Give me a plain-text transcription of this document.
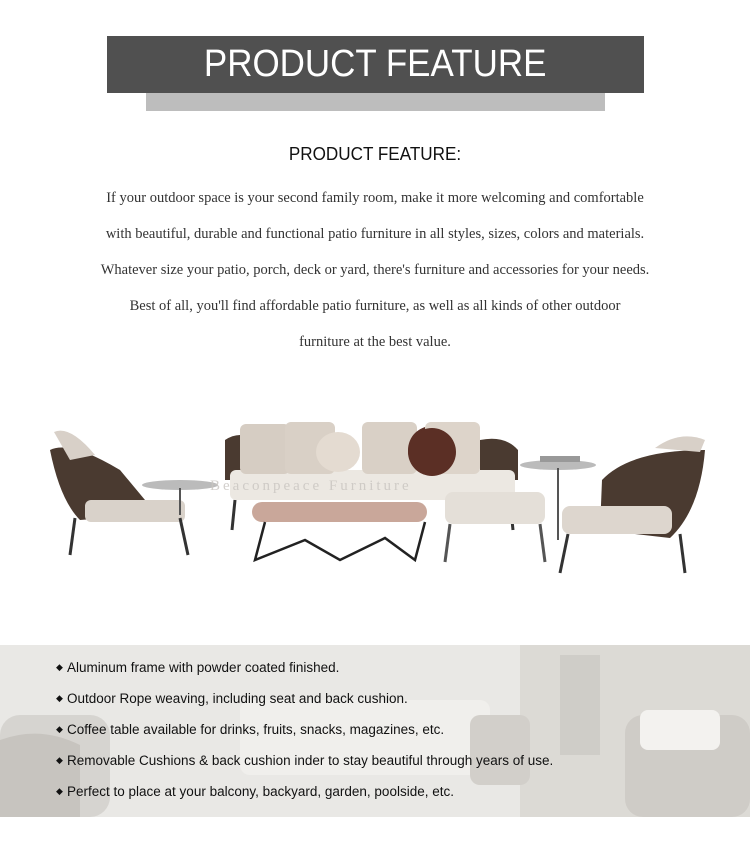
PRODUCT FEATURE
PRODUCT FEATURE:
If your outdoor space is your second family room, make it more welcoming and comfortable
with beautiful, durable and functional patio furniture in all styles, sizes, colors and materials.
Whatever size your patio, porch, deck or yard, there's furniture and accessories for your needs.
Best of all, you'll find affordable patio furniture, as well as all kinds of other outdoor
furniture at the best value.
Beaconpeace Furniture
◆ Aluminum frame with powder coated finished.
◆ Outdoor Rope weaving, including seat and back cushion.
◆ Coffee table available for drinks, fruits, snacks, magazines, etc.
◆ Removable Cushions & back cushion inder to stay beautiful through years of use.
◆ Perfect to place at your balcony, backyard, garden, poolside, etc.
